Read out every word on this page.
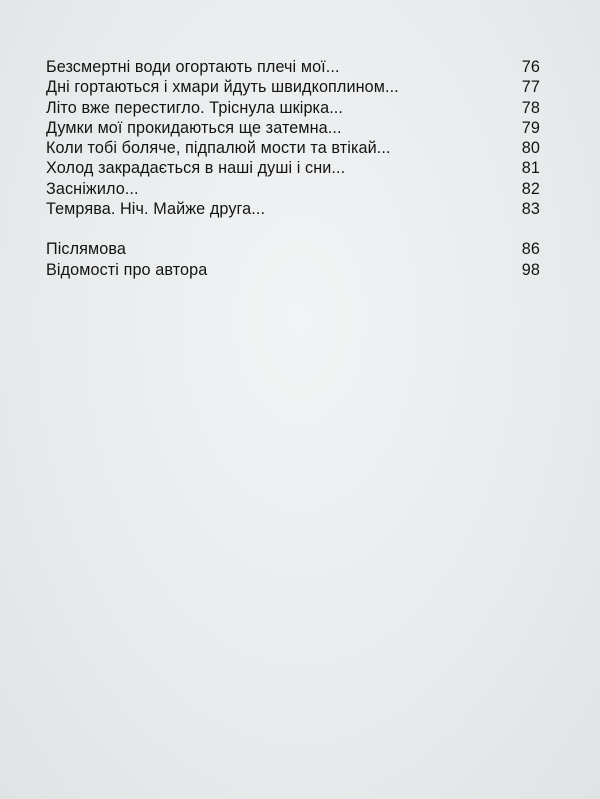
Безсмертні води огортають плечі мої...	76
Дні гортаються і хмари йдуть швидкоплином...	77
Літо вже перестигло. Тріснула шкірка...	78
Думки мої прокидаються ще затемна...	79
Коли тобі боляче, підпалюй мости та втікай...	80
Холод закрадається в наші душі і сни...	81
Засніжило...	82
Темрява. Ніч. Майже друга...	83
Післямова	86
Відомості про автора	98
